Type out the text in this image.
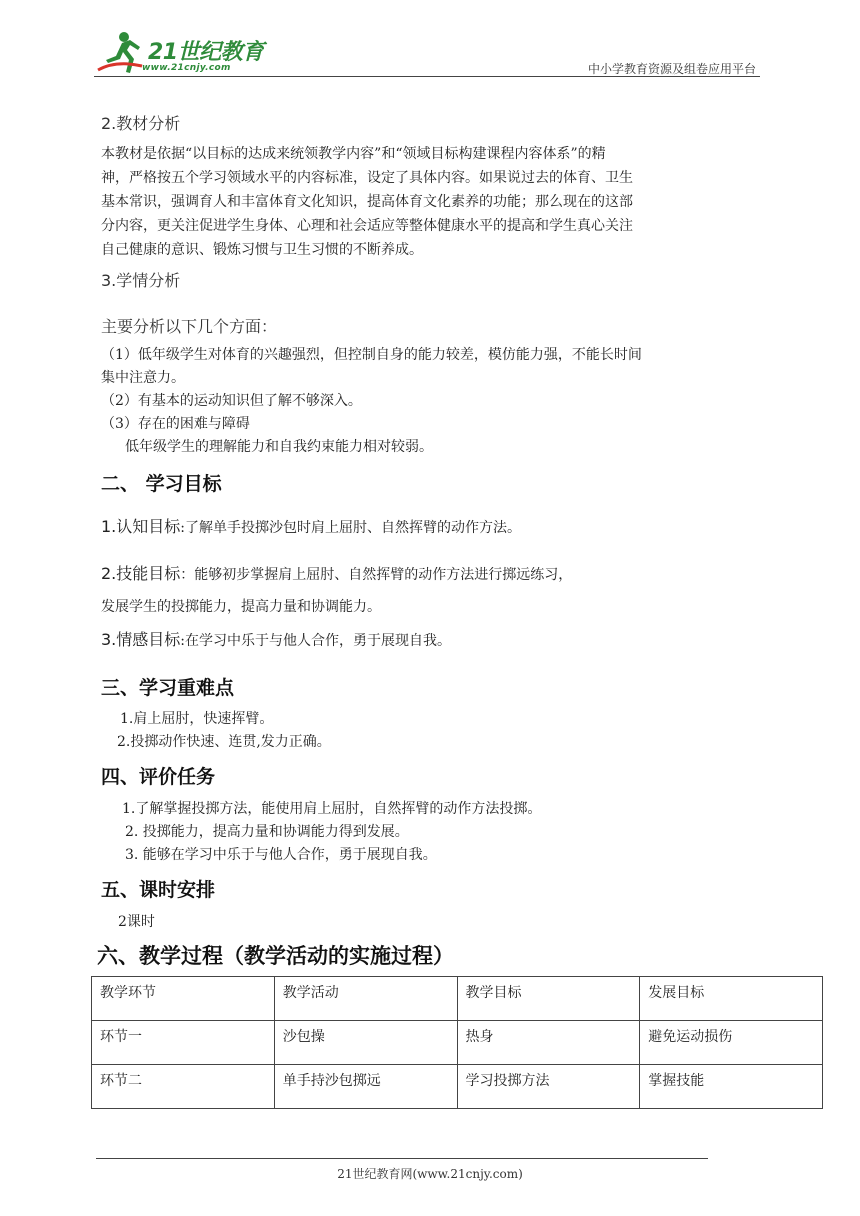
21世纪教育
www.21cnjy.com	中小学教育资源及组卷应用平台
2.教材分析
本教材是依据“以目标的达成来统领教学内容”和“领域目标构建课程内容体系”的精
神，严格按五个学习领域水平的内容标准，设定了具体内容。如果说过去的体育、卫生
基本常识，强调育人和丰富体育文化知识，提高体育文化素养的功能；那么现在的这部
分内容，更关注促进学生身体、心理和社会适应等整体健康水平的提高和学生真心关注
自己健康的意识、锻炼习惯与卫生习惯的不断养成。
3.学情分析
主要分析以下几个方面：
（1）低年级学生对体育的兴趣强烈，但控制自身的能力较差，模仿能力强，不能长时间
集中注意力。
（2）有基本的运动知识但了解不够深入。
（3）存在的困难与障碍
低年级学生的理解能力和自我约束能力相对较弱。
二、 学习目标
1.认知目标:了解单手投掷沙包时肩上屈肘、自然挥臂的动作方法。
2.技能目标：能够初步掌握肩上屈肘、自然挥臂的动作方法进行掷远练习，
发展学生的投掷能力，提高力量和协调能力。
3.情感目标:在学习中乐于与他人合作，勇于展现自我。
三、学习重难点
1.肩上屈肘，快速挥臂。
2.投掷动作快速、连贯,发力正确。
四、评价任务
1.了解掌握投掷方法，能使用肩上屈肘，自然挥臂的动作方法投掷。
2. 投掷能力，提高力量和协调能力得到发展。
3. 能够在学习中乐于与他人合作，勇于展现自我。
五、课时安排
2课时
六、教学过程（教学活动的实施过程）
教学环节	教学活动	教学目标	发展目标
环节一	沙包操	热身	避免运动损伤
环节二	单手持沙包掷远	学习投掷方法	掌握技能
21世纪教育网(www.21cnjy.com)
